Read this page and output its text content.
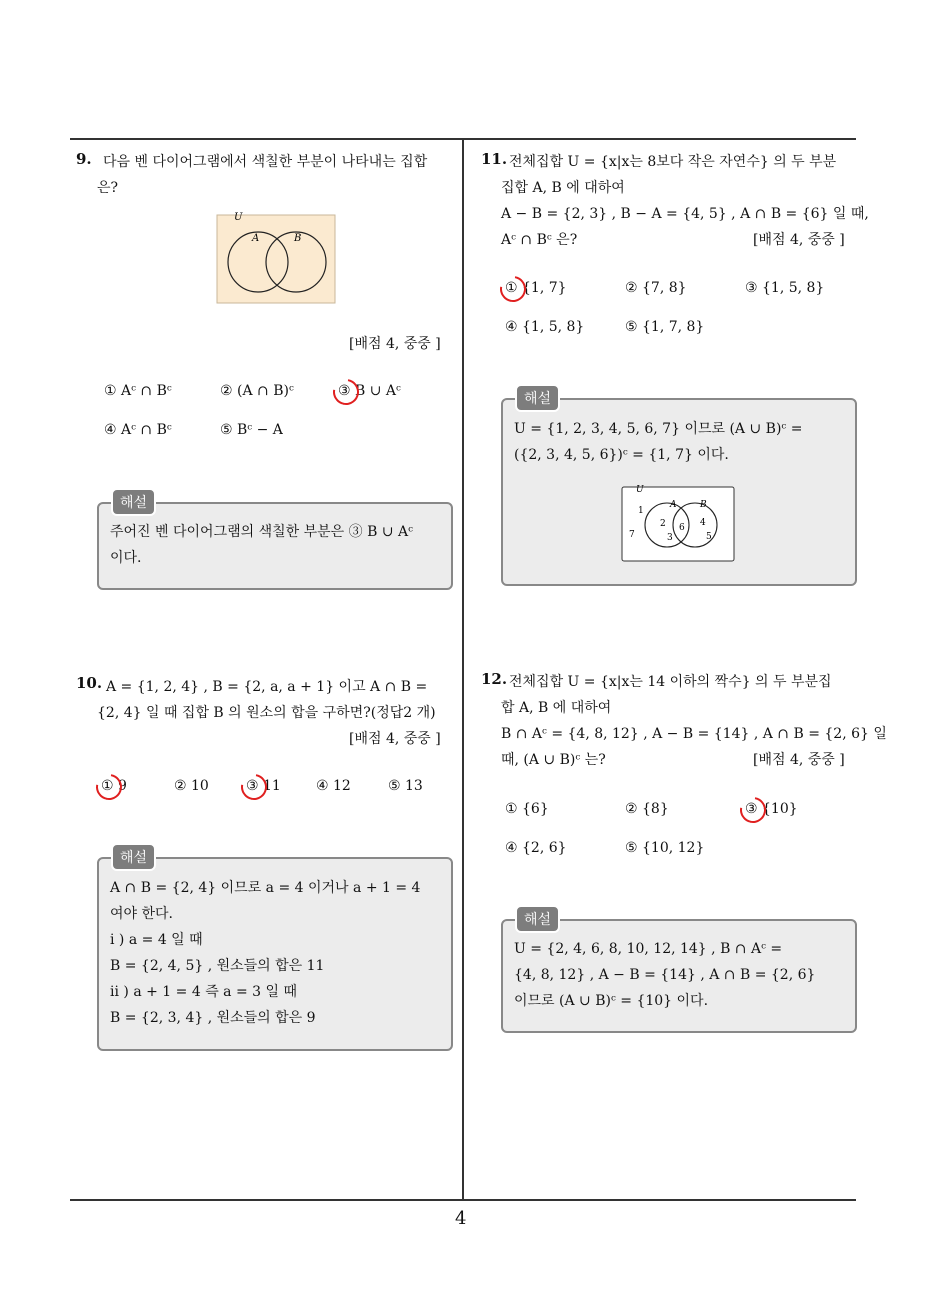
4
9. 다음 벤 다이어그램에서 색칠한 부분이 나타내는 집합
은?
U
A	B
[배점 4, 중중 ]
① Aᶜ ∩ Bᶜ	② (A ∩ B)ᶜ	③ B ∪ Aᶜ
④ Aᶜ ∩ Bᶜ	⑤ Bᶜ − A
해설
주어진 벤 다이어그램의 색칠한 부분은 ③ B ∪ Aᶜ
이다.
10. A = {1, 2, 4} , B = {2, a, a + 1} 이고 A ∩ B =
{2, 4} 일 때 집합 B 의 원소의 합을 구하면?(정답2 개)
[배점 4, 중중 ]
① 9	② 10	③ 11	④ 12	⑤ 13
해설
A ∩ B = {2, 4} 이므로 a = 4 이거나 a + 1 = 4
여야 한다.
i ) a = 4 일 때
B = {2, 4, 5} , 원소들의 합은 11
ii ) a + 1 = 4 즉 a = 3 일 때
B = {2, 3, 4} , 원소들의 합은 9
11. 전체집합 U = {x|x는 8보다 작은 자연수} 의 두 부분
집합 A, B 에 대하여
A − B = {2, 3} , B − A = {4, 5} , A ∩ B = {6} 일 때,
Aᶜ ∩ Bᶜ 은?	[배점 4, 중중 ]
① {1, 7}	② {7, 8}	③ {1, 5, 8}
④ {1, 5, 8}	⑤ {1, 7, 8}
해설
U = {1, 2, 3, 4, 5, 6, 7} 이므로 (A ∪ B)ᶜ =
({2, 3, 4, 5, 6})ᶜ = {1, 7} 이다.
U
A	B
1
7
2
3
6 4
5
12. 전체집합 U = {x|x는 14 이하의 짝수} 의 두 부분집
합 A, B 에 대하여
B ∩ Aᶜ = {4, 8, 12} , A − B = {14} , A ∩ B = {2, 6} 일
때, (A ∪ B)ᶜ 는?	[배점 4, 중중 ]
① {6}	② {8}	③ {10}
④ {2, 6}	⑤ {10, 12}
해설
U = {2, 4, 6, 8, 10, 12, 14} , B ∩ Aᶜ =
{4, 8, 12} , A − B = {14} , A ∩ B = {2, 6}
이므로 (A ∪ B)ᶜ = {10} 이다.
